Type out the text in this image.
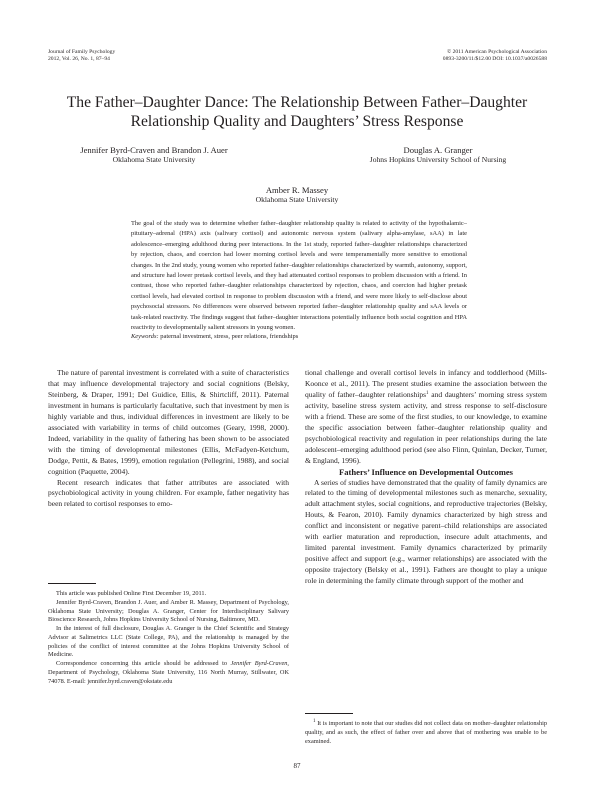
Journal of Family Psychology
2012, Vol. 26, No. 1, 87–94
© 2011 American Psychological Association
0893-3200/11/$12.00 DOI: 10.1037/a0026588
The Father–Daughter Dance: The Relationship Between Father–Daughter
Relationship Quality and Daughters’ Stress Response
Jennifer Byrd-Craven and Brandon J. Auer
Oklahoma State University
Douglas A. Granger
Johns Hopkins University School of Nursing
Amber R. Massey
Oklahoma State University
The goal of the study was to determine whether father–daughter relationship quality is related to activity of the hypothalamic–pituitary–adrenal (HPA) axis (salivary cortisol) and autonomic nervous system (salivary alpha-amylase, sAA) in late adolescence–emerging adulthood during peer interactions. In the 1st study, reported father–daughter relationships characterized by rejection, chaos, and coercion had lower morning cortisol levels and were temperamentally more sensitive to emotional changes. In the 2nd study, young women who reported father–daughter relationships characterized by warmth, autonomy, support, and structure had lower pretask cortisol levels, and they had attenuated cortisol responses to problem discussion with a friend. In contrast, those who reported father–daughter relationships characterized by rejection, chaos, and coercion had higher pretask cortisol levels, had elevated cortisol in response to problem discussion with a friend, and were more likely to self-disclose about psychosocial stressors. No differences were observed between reported father–daughter relationship quality and sAA levels or task-related reactivity. The findings suggest that father–daughter interactions potentially influence both social cognition and HPA reactivity to developmentally salient stressors in young women.
Keywords: paternal investment, stress, peer relations, friendships

The nature of parental investment is correlated with a suite of characteristics that may influence developmental trajectory and social cognitions (Belsky, Steinberg, & Draper, 1991; Del Guidice, Ellis, & Shirtcliff, 2011). Paternal investment in humans is particularly facultative, such that investment by men is highly variable and thus, individual differences in investment are likely to be associated with variability in terms of child outcomes (Geary, 1998, 2000). Indeed, variability in the quality of fathering has been shown to be associated with the timing of developmental milestones (Ellis, McFadyen-Ketchum, Dodge, Pettit, & Bates, 1999), emotion regulation (Pellegrini, 1988), and social cognition (Paquette, 2004).

Recent research indicates that father attributes are associated with psychobiological activity in young children. For example, father negativity has been related to cortisol responses to emo-

tional challenge and overall cortisol levels in infancy and toddlerhood (Mills-Koonce et al., 2011). The present studies examine the association between the quality of father–daughter relationships$^1$ and daughters’ morning stress system activity, baseline stress system activity, and stress response to self-disclosure with a friend. These are some of the first studies, to our knowledge, to examine the specific association between father–daughter relationship quality and psychobiological reactivity and regulation in peer relationships during the late adolescent–emerging adulthood period (see also Flinn, Quinlan, Decker, Turner, & England, 1996).

Fathers’ Influence on Developmental Outcomes

A series of studies have demonstrated that the quality of family dynamics are related to the timing of developmental milestones such as menarche, sexuality, adult attachment styles, social cognitions, and reproductive trajectories (Belsky, Houts, & Fearon, 2010). Family dynamics characterized by high stress and conflict and inconsistent or negative parent–child relationships are associated with earlier maturation and reproduction, insecure adult attachments, and limited parental investment. Family dynamics characterized by primarily positive affect and support (e.g., warmer relationships) are associated with the opposite trajectory (Belsky et al., 1991). Fathers are thought to play a unique role in determining the family climate through support of the mother and

This article was published Online First December 19, 2011.

Jennifer Byrd-Craven, Brandon J. Auer, and Amber R. Massey, Department of Psychology, Oklahoma State University; Douglas A. Granger, Center for Interdisciplinary Salivary Bioscience Research, Johns Hopkins University School of Nursing, Baltimore, MD.

In the interest of full disclosure, Douglas A. Granger is the Chief Scientific and Strategy Advisor at Salimetrics LLC (State College, PA), and the relationship is managed by the policies of the conflict of interest committee at the Johns Hopkins University School of Medicine.

Correspondence concerning this article should be addressed to Jennifer Byrd-Craven, Department of Psychology, Oklahoma State University, 116 North Murray, Stillwater, OK 74078. E-mail: jennifer.byrd.craven@okstate.edu

$^1$ It is important to note that our studies did not collect data on mother–daughter relationship quality, and as such, the effect of father over and above that of mothering was unable to be examined.

87
